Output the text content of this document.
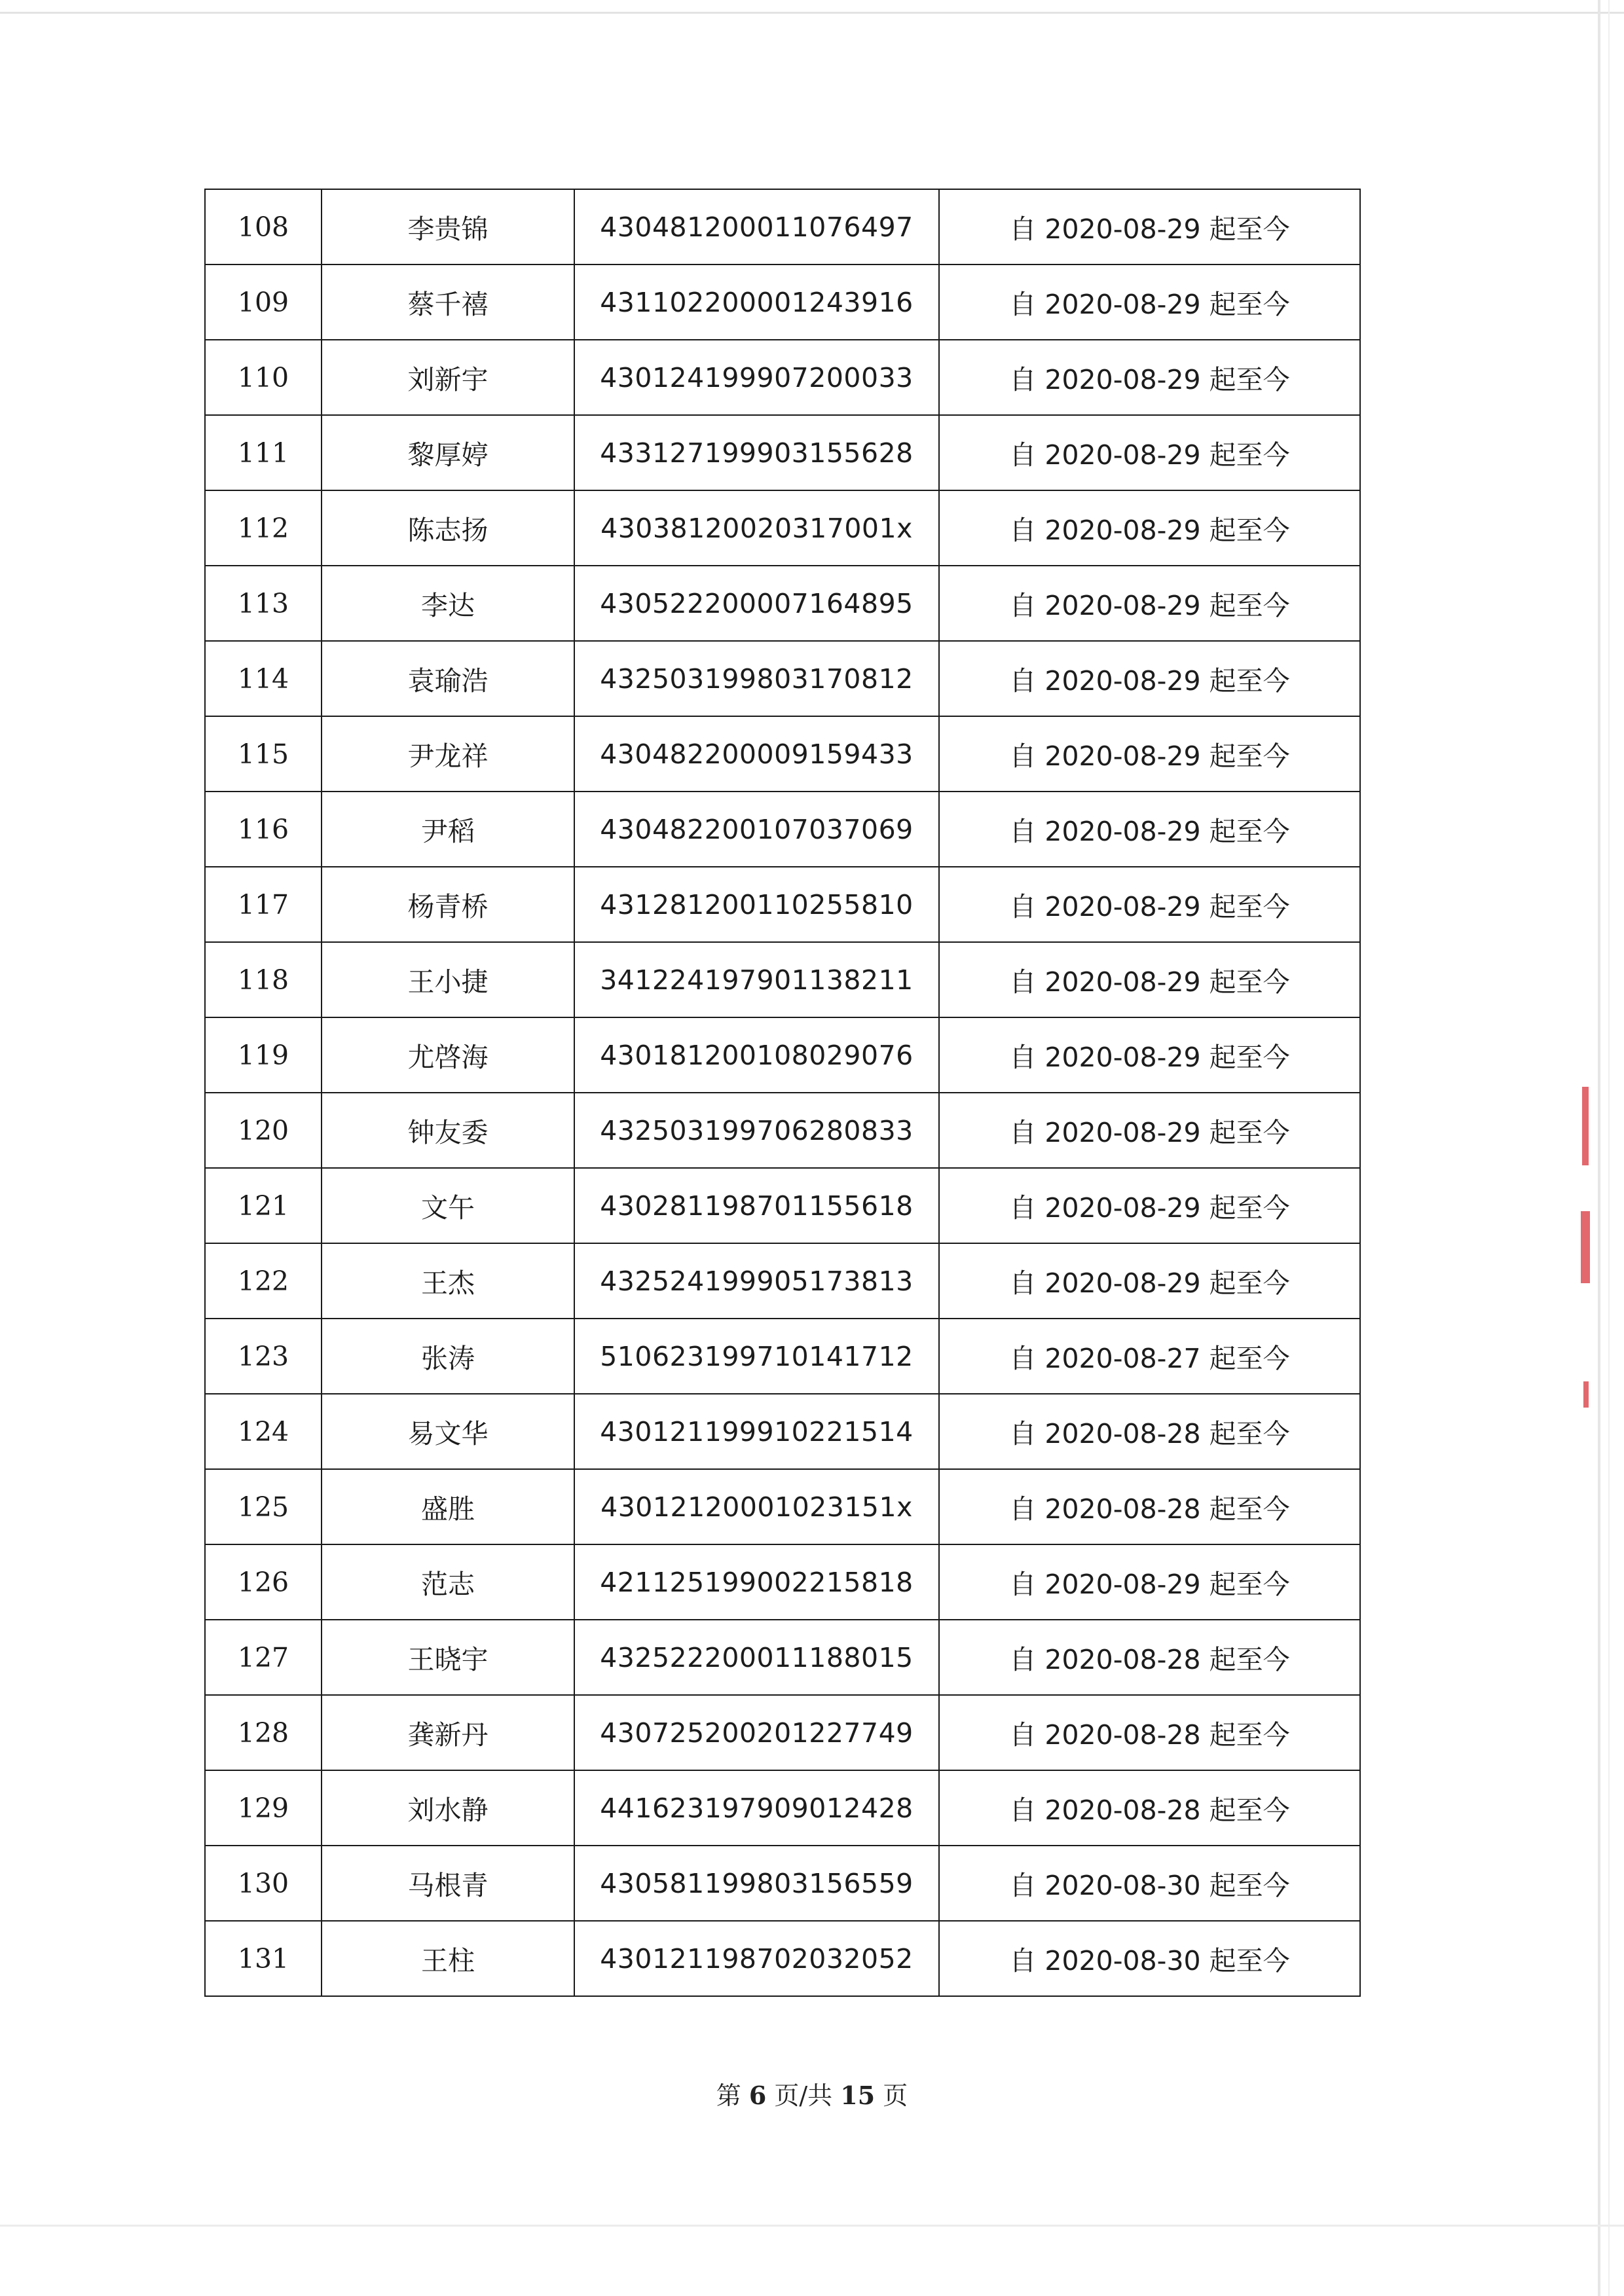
108	李贵锦	430481200011076497	自 2020-08-29 起至今
109	蔡千禧	431102200001243916	自 2020-08-29 起至今
110	刘新宇	430124199907200033	自 2020-08-29 起至今
111	黎厚婷	433127199903155628	自 2020-08-29 起至今
112	陈志扬	43038120020317001x	自 2020-08-29 起至今
113	李达	430522200007164895	自 2020-08-29 起至今
114	袁瑜浩	432503199803170812	自 2020-08-29 起至今
115	尹龙祥	430482200009159433	自 2020-08-29 起至今
116	尹稻	430482200107037069	自 2020-08-29 起至今
117	杨青桥	431281200110255810	自 2020-08-29 起至今
118	王小捷	341224197901138211	自 2020-08-29 起至今
119	尤啓海	430181200108029076	自 2020-08-29 起至今
120	钟友委	432503199706280833	自 2020-08-29 起至今
121	文午	430281198701155618	自 2020-08-29 起至今
122	王杰	432524199905173813	自 2020-08-29 起至今
123	张涛	510623199710141712	自 2020-08-27 起至今
124	易文华	430121199910221514	自 2020-08-28 起至今
125	盛胜	43012120001023151x	自 2020-08-28 起至今
126	范志	421125199002215818	自 2020-08-29 起至今
127	王晓宇	432522200011188015	自 2020-08-28 起至今
128	龚新丹	430725200201227749	自 2020-08-28 起至今
129	刘水静	441623197909012428	自 2020-08-28 起至今
130	马根青	430581199803156559	自 2020-08-30 起至今
131	王柱	430121198702032052	自 2020-08-30 起至今
第 6 页/共 15 页
